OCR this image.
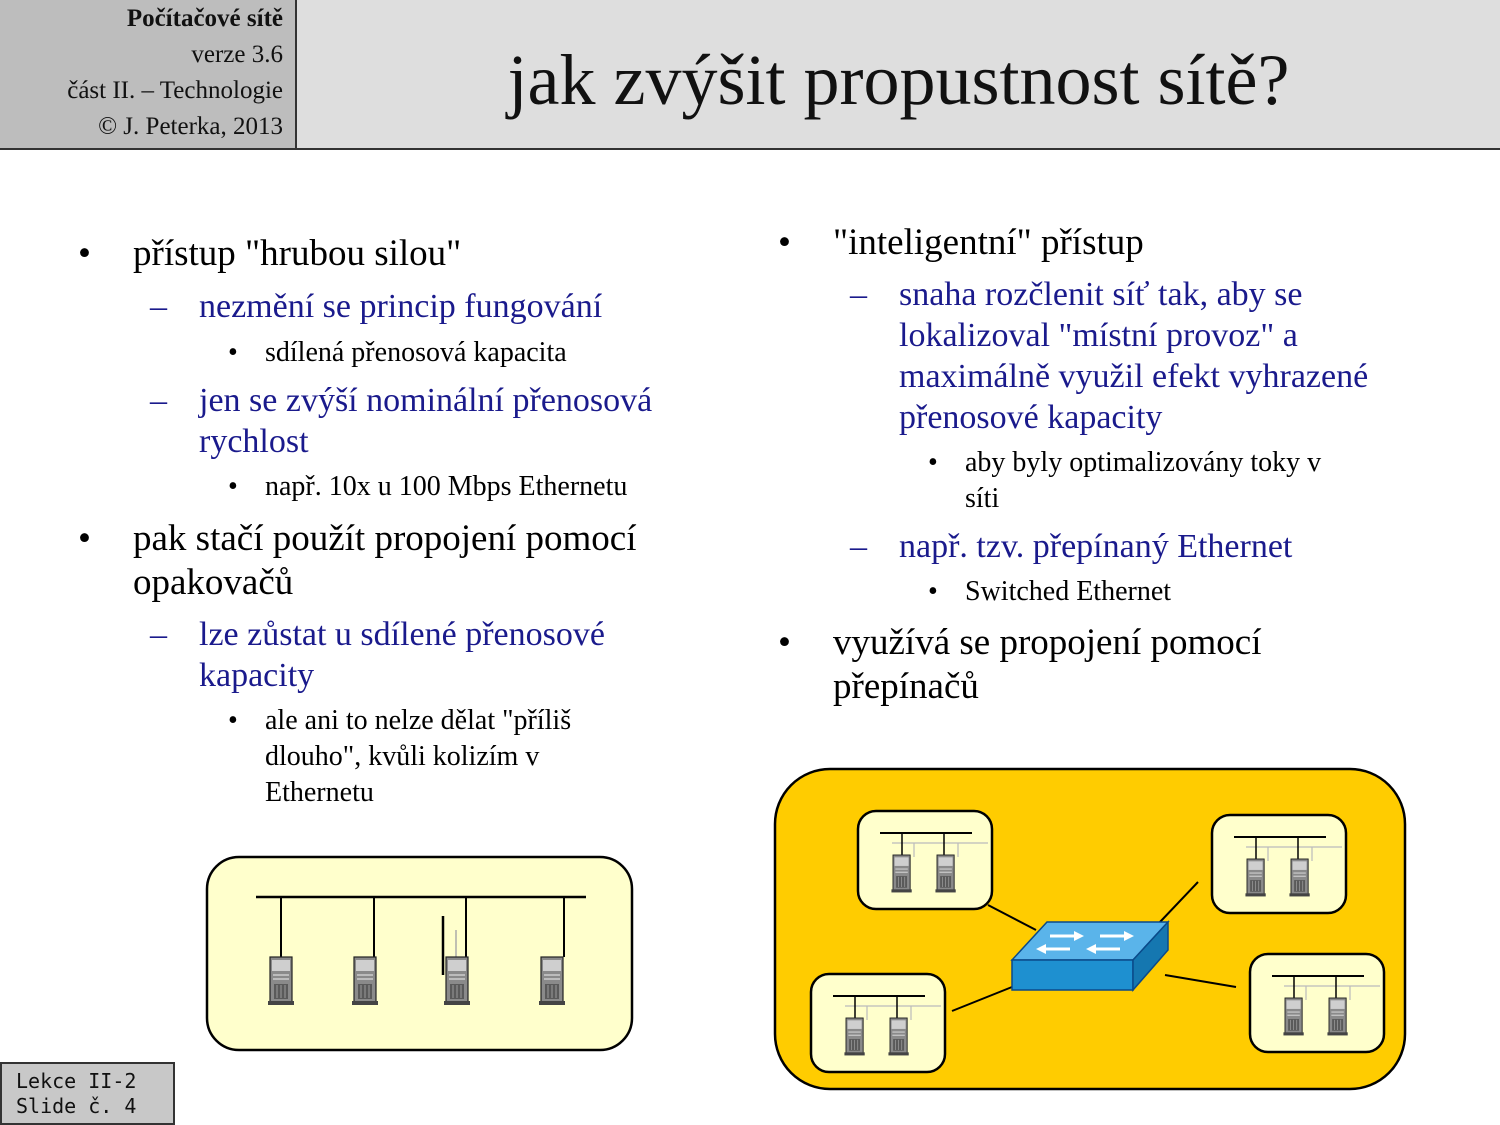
Počítačové sítě
verze 3.6
část II. – Technologie
© J. Peterka, 2013
jak zvýšit propustnost sítě?
• přístup "hrubou silou"
– nezmění se princip fungování
• sdílená přenosová kapacita
– jen se zvýší nominální přenosová
rychlost
• např. 10x u 100 Mbps Ethernetu
• pak stačí použít propojení pomocí
opakovačů
– lze zůstat u sdílené přenosové
kapacity
• ale ani to nelze dělat "příliš
dlouho", kvůli kolizím v
Ethernetu
• "inteligentní" přístup
– snaha rozčlenit síť tak, aby se
lokalizoval "místní provoz" a
maximálně využil efekt vyhrazené
přenosové kapacity
• aby byly optimalizovány toky v
síti
– např. tzv. přepínaný Ethernet
• Switched Ethernet
• využívá se propojení pomocí
přepínačů
Lekce II-2
Slide č. 4
